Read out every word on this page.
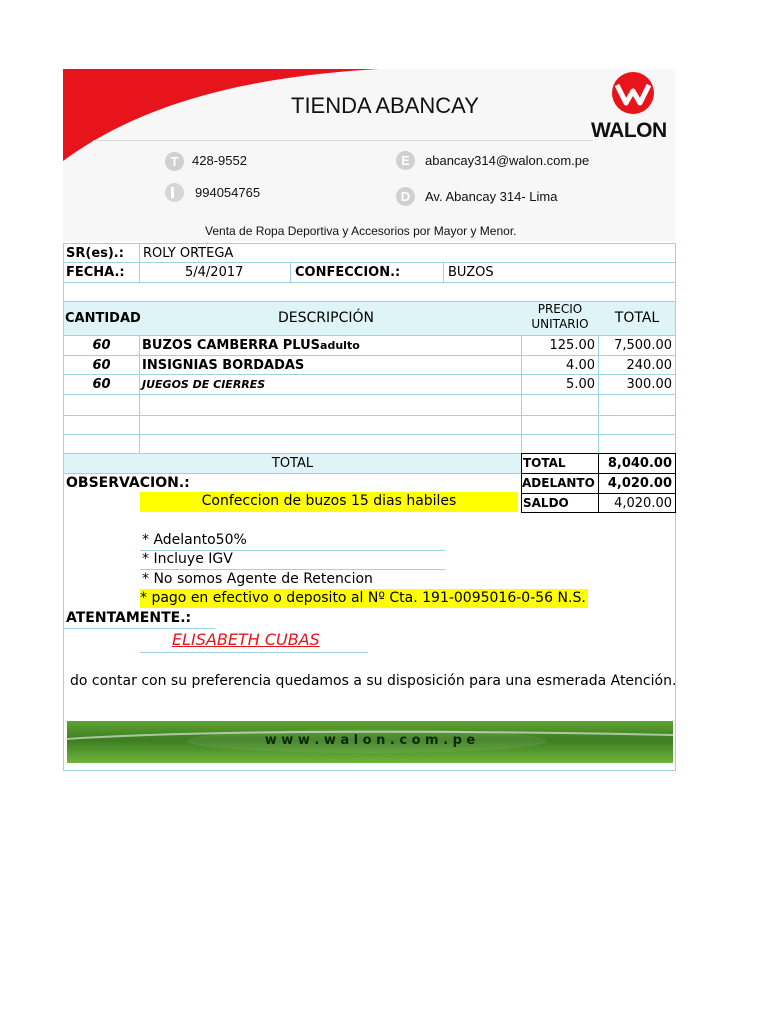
TIENDA ABANCAY
WALON
T	428-9552
994054765
E	abancay314@walon.com.pe
D	Av. Abancay 314- Lima
Venta de Ropa Deportiva y Accesorios por Mayor y Menor.
SR(es).: ROLY ORTEGA
FECHA.:	5/4/2017	CONFECCION.:	BUZOS
CANTIDAD	DESCRIPCIÓN
PRECIO
UNITARIO	TOTAL
60	BUZOS CAMBERRA PLUSadulto	125.00	7,500.00
60	INSIGNIAS BORDADAS	4.00	240.00
60	JUEGOS DE CIERRES	5.00	300.00
TOTAL	TOTAL	8,040.00
ADELANTO	4,020.00
SALDO	4,020.00
OBSERVACION.:
Confeccion de buzos 15 dias habiles
* Adelanto50%
* Incluye IGV
* No somos Agente de Retencion
* pago en efectivo o deposito al Nº Cta. 191-0095016-0-56 N.S.
ATENTAMENTE.:
ELISABETH CUBAS
do contar con su preferencia quedamos a su disposición para una esmerada Atención.
w w w . w a l o n . c o m . p e
